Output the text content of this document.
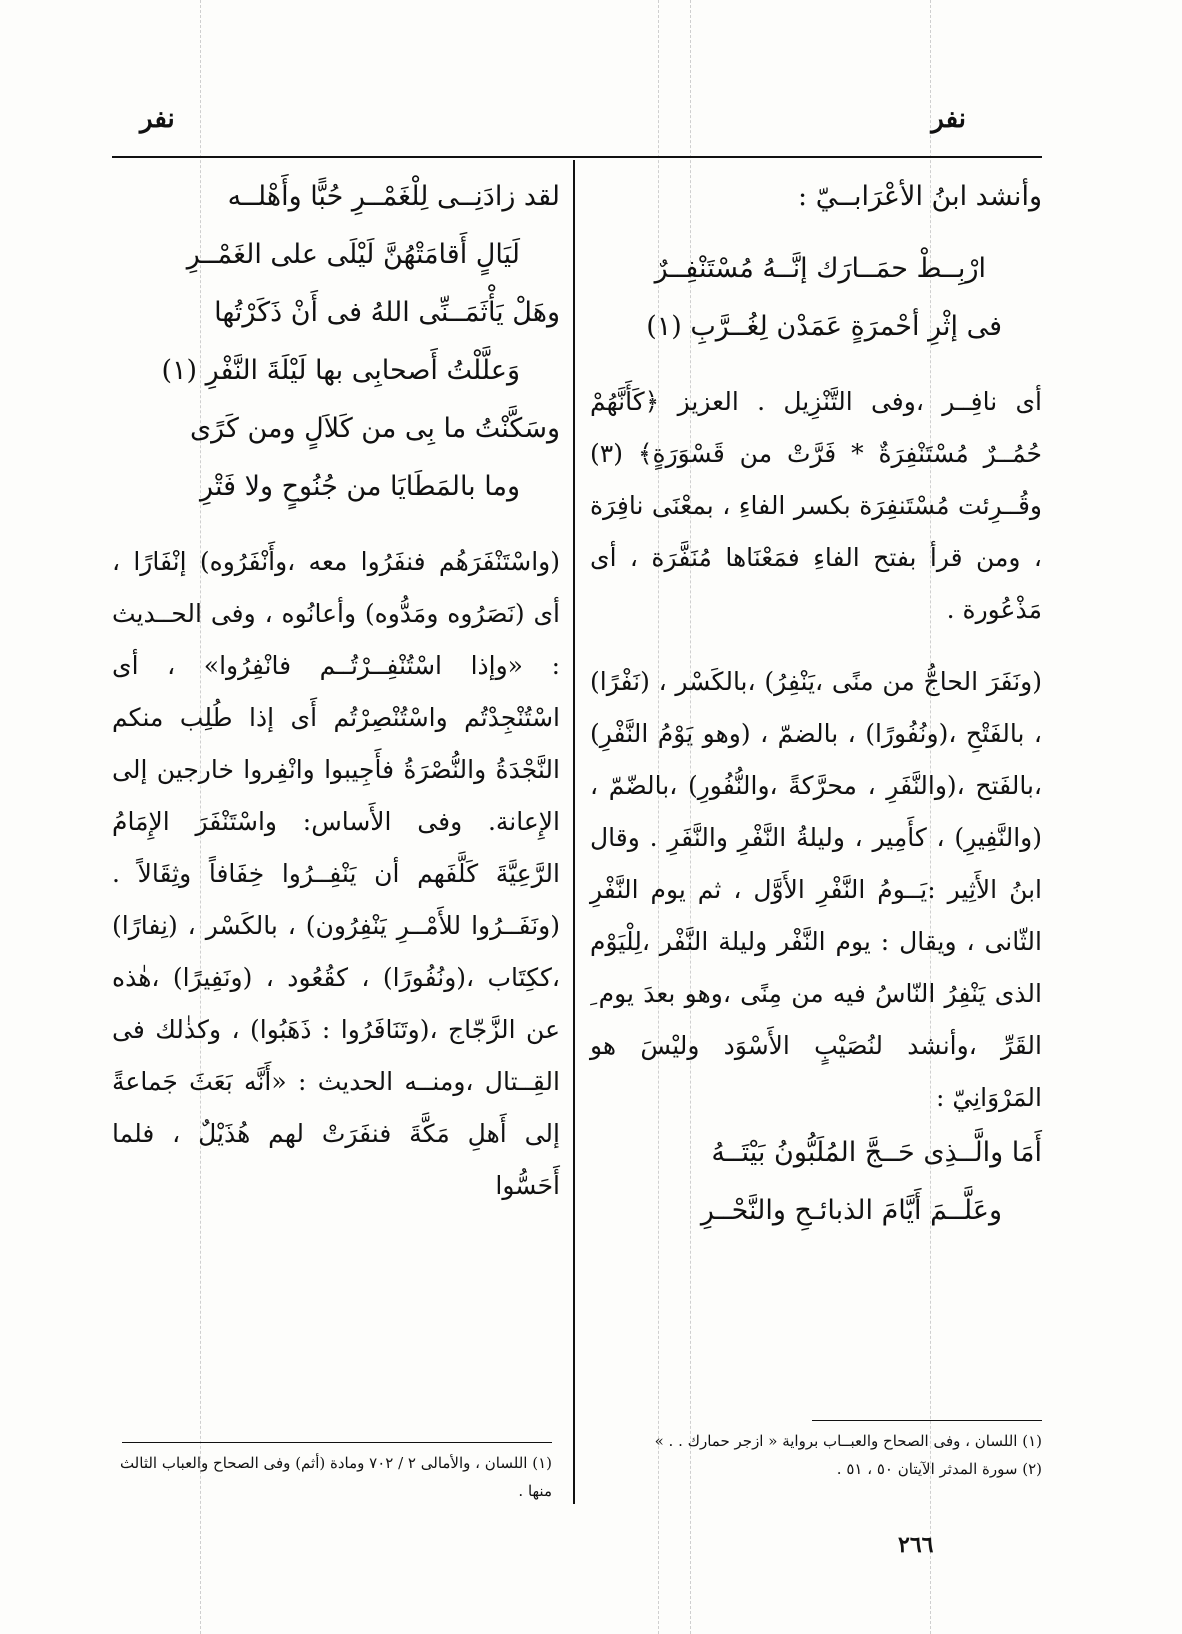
نفر
نفر
وأنشد ابنُ الأعْرَابــيّ :
ارْبِــطْ حمَــارَك إنَّــهُ مُسْتَنْفِــرٌ
فى إثْرِ أحْمرَةٍ عَمَدْن لِغُــرَّبِ (١)

أى نافِــر ،وفى التَّنْزِيل . العزيز ﴿كَأَنَّهُمْ حُمُــرٌ مُسْتَنْفِرَةٌ * فَرَّتْ من قَسْوَرَةٍ﴾ (٣) وقُــرِئت مُسْتَنفِرَة بكسر الفاءِ ، بمعْنَى نافِرَة ، ومن قرأ بفتح الفاءِ فمَعْنَاها مُنَفَّرَة ، أى مَذْعُورة .

(ونَفَرَ الحاجُّ من منًى ،يَنْفِرُ) ،بالكَسْر ، (نَفْرًا) ، بالفَتْحِ ،(ونُفُورًا) ، بالضمّ ، (وهو يَوْمُ النَّفْرِ) ،بالفَتح ،(والنَّفَرِ ، محرَّكةً ،والنُّفُورِ) ،بالضّمّ ،(والنَّفِيرِ) ، كأَمِير ، وليلةُ النَّفْرِ والنَّفَرِ . وقال ابنُ الأَثِير :يَــومُ النَّفْرِ الأَوَّل ، ثم يوم النَّفْرِ الثّانى ، ويقال : يوم النَّفْر وليلة النَّفْر ،لِلْيَوْم الذى يَنْفِرُ النّاسُ فيه من مِنًى ،وهو بعدَ يوم ِ القَرِّ ،وأنشد لنُصَيْبٍ الأَسْوَد وليْسَ هو المَرْوَانِيّ :

أَمَا والَّــذِى حَــجَّ المُلَبُّونُ بَيْتَــهُ
وعَلَّــمَ أَيَّامَ الذبائـحِ والنَّحْــرِ
لقد زادَنِــى لِلْغَمْــرِ حُبًّا وأَهْلــه
لَيَالٍ أَقامَتْهُنَّ لَيْلَى على الغَمْــرِ
وهَلْ يَأْثَمَــنِّى اللهُ فى أَنْ ذَكَرْتُها
وَعلَّلْتُ أَصحابِى بها لَيْلَةَ النَّفْرِ (١)
وسَكَّنْتُ ما بِى من كَلاَلٍ ومن كَرًى
وما بالمَطَايَا من جُنُوحٍ ولا فَتْرِ

(واسْتَنْفَرَهُم فنفَرُوا معه ،وأَنْفَرُوه) إنْفَارًا ، أى (نَصَرُوه ومَدُّوه) وأعانُوه ، وفى الحــديث : «وإذا اسْتُنْفِــرْتُــم فانْفِرُوا» ، أى اسْتُنْجِدْتُم واسْتُنْصِرْتُم أَى إذا طُلِب منكم النَّجْدَةُ والنُّصْرَةُ فأَجِيبوا وانْفِروا خارجين إلى الإِعانة. وفى الأَساس: واسْتَنْفَرَ الإِمَامُ الرَّعِيَّةَ كَلَّفَهم أن يَنْفِــرُوا خِفَافاً وثِقَالاً . (ونَفَــرُوا للأَمْــرِ يَنْفِرُون) ، بالكَسْر ، (نِفارًا) ،ككِتَاب ،(ونُفُورًا) ، كقُعُود ، (ونَفِيرًا) ،هٰذه عن الزَّجّاج ،(وتَنَافَرُوا : ذَهَبُوا) ، وكذٰلك فى القِــتال ،ومنــه الحديث : «أَنَّه بَعَثَ جَماعةً إلى أَهلِ مَكَّةَ فنفَرَتْ لهم هُذَيْلٌ ، فلما أَحَسُّوا

(١) اللسان ، وفى الصحاح والعبــاب برواية « ازجر حمارك . . »
(٢) سورة المدثر الآيتان ٥٠ ، ٥١ .
(١) اللسان ، والأمالى ٢ / ٧٠٢ ومادة (أثم) وفى الصحاح والعباب الثالث منها .
٢٦٦
